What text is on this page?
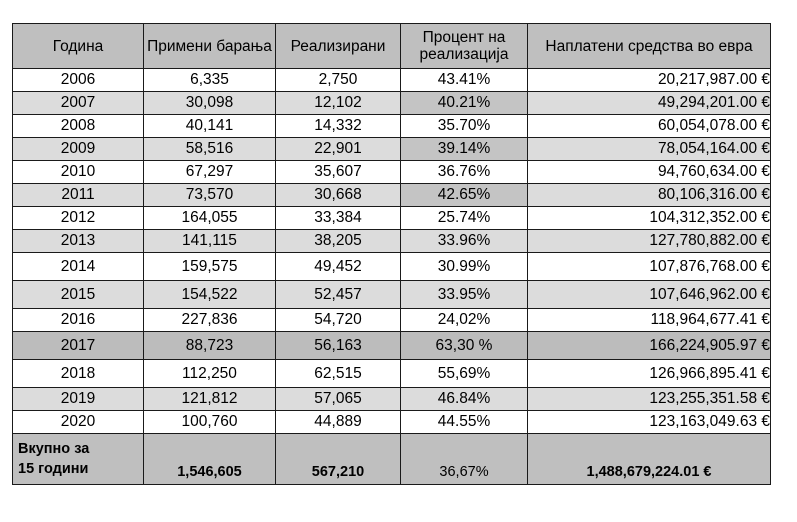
Година	Примени барања	Реализирани	Процент на реализација	Наплатени средства во евра
2006	6,335	2,750	43.41%	20,217,987.00 €
2007	30,098	12,102	40.21%	49,294,201.00 €
2008	40,141	14,332	35.70%	60,054,078.00 €
2009	58,516	22,901	39.14%	78,054,164.00 €
2010	67,297	35,607	36.76%	94,760,634.00 €
2011	73,570	30,668	42.65%	80,106,316.00 €
2012	164,055	33,384	25.74%	104,312,352.00 €
2013	141,115	38,205	33.96%	127,780,882.00 €
2014	159,575	49,452	30.99%	107,876,768.00 €
2015	154,522	52,457	33.95%	107,646,962.00 €
2016	227,836	54,720	24,02%	118,964,677.41 €
2017	88,723	56,163	63,30 %	166,224,905.97 €
2018	112,250	62,515	55,69%	126,966,895.41 €
2019	121,812	57,065	46.84%	123,255,351.58 €
2020	100,760	44,889	44.55%	123,163,049.63 €
Вкупно за
15 години	1,546,605	567,210	36,67%	1,488,679,224.01 €
